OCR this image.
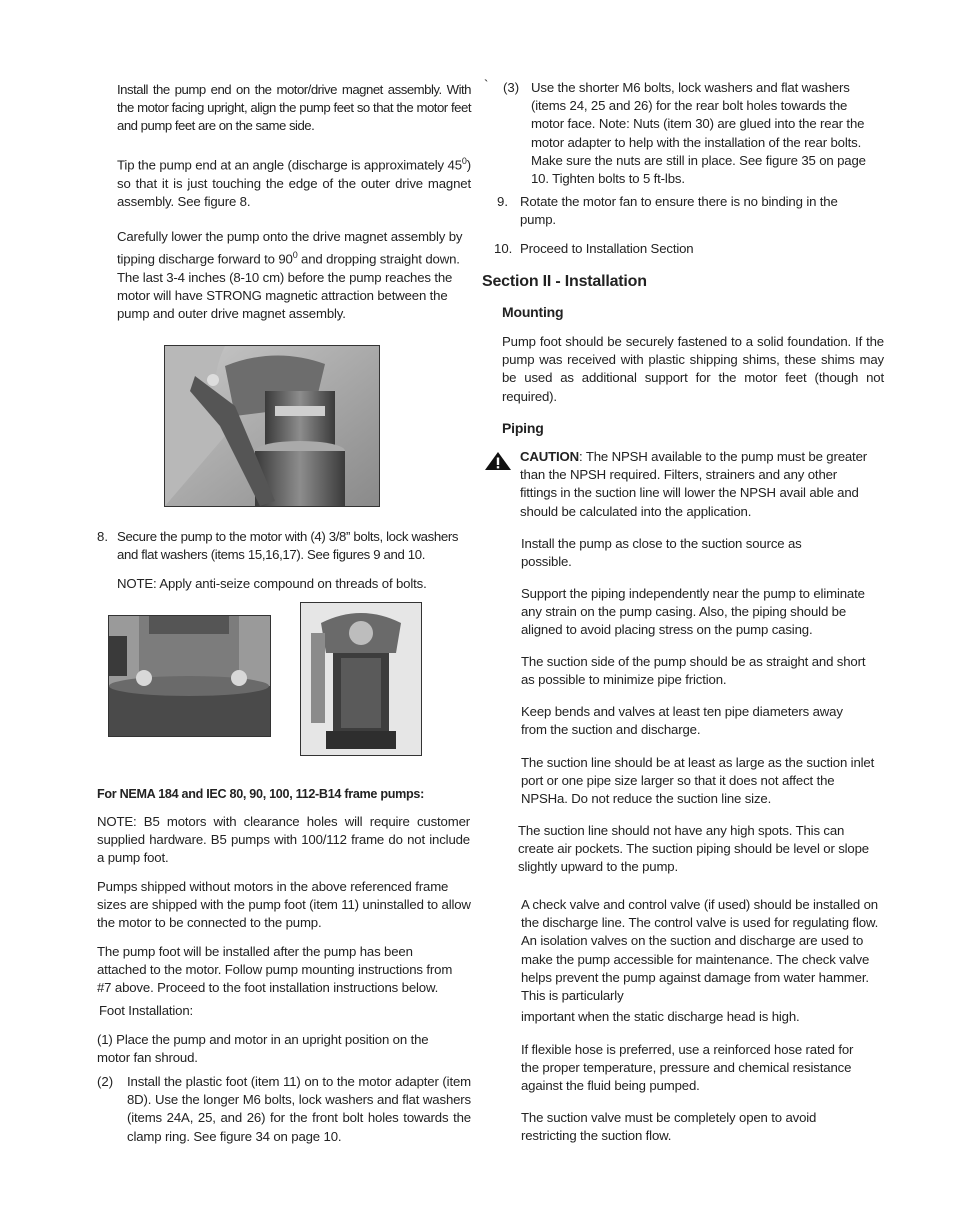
Install the pump end on the motor/drive magnet assembly. With the motor facing upright, align the pump feet so that the motor feet and pump feet are on the same side.

Tip the pump end at an angle (discharge is approximately $45^0$) so that it is just touching the edge of the outer drive magnet assembly. See figure 8.

Carefully lower the pump onto the drive magnet assembly by tipping discharge forward to $90^0$ and dropping straight down. The last 3-4 inches (8-10 cm) before the pump reaches the motor will have STRONG magnetic attraction between the pump and outer drive magnet assembly.

8. Secure the pump to the motor with (4) 3/8” bolts, lock washers and flat washers (items 15,16,17). See figures 9 and 10.

NOTE: Apply anti-seize compound on threads of bolts.

For NEMA 184 and IEC 80, 90, 100, 112-B14 frame pumps:

NOTE: B5 motors with clearance holes will require customer supplied hardware. B5 pumps with 100/112 frame do not include a pump foot.

Pumps shipped without motors in the above referenced frame sizes are shipped with the pump foot (item 11) uninstalled to allow the motor to be connected to the pump.

The pump foot will be installed after the pump has been attached to the motor. Follow pump mounting instructions from #7 above. Proceed to the foot installation instructions below.

Foot Installation:

(1) Place the pump and motor in an upright position on the motor fan shroud.

(2) Install the plastic foot (item 11) on to the motor adapter (item 8D). Use the longer M6 bolts, lock washers and flat washers (items 24A, 25, and 26) for the front bolt holes towards the clamp ring. See figure 34 on page 10.

` (3) Use the shorter M6 bolts, lock washers and flat washers (items 24, 25 and 26) for the rear bolt holes towards the motor face. Note: Nuts (item 30) are glued into the rear the motor adapter to help with the installation of the rear bolts. Make sure the nuts are still in place. See figure 35 on page 10. Tighten bolts to 5 ft-lbs.

9. Rotate the motor fan to ensure there is no binding in the pump.

10. Proceed to Installation Section

Section II - Installation
Mounting

Pump foot should be securely fastened to a solid foundation. If the pump was received with plastic shipping shims, these shims may be used as additional support for the motor feet (though not required).

Piping

CAUTION: The NPSH available to the pump must be greater than the NPSH required. Filters, strainers and any other fittings in the suction line will lower the NPSH avail able and should be calculated into the application.

Install the pump as close to the suction source as possible.

Support the piping independently near the pump to eliminate any strain on the pump casing. Also, the piping should be aligned to avoid placing stress on the pump casing.

The suction side of the pump should be as straight and short as possible to minimize pipe friction.

Keep bends and valves at least ten pipe diameters away from the suction and discharge.

The suction line should be at least as large as the suction inlet port or one pipe size larger so that it does not affect the NPSHa. Do not reduce the suction line size.

The suction line should not have any high spots. This can create air pockets. The suction piping should be level or slope slightly upward to the pump.

A check valve and control valve (if used) should be installed on the discharge line. The control valve is used for regulating flow. An isolation valves on the suction and discharge are used to make the pump accessible for maintenance. The check valve helps prevent the pump against damage from water hammer. This is particularly

important when the static discharge head is high.

If flexible hose is preferred, use a reinforced hose rated for the proper temperature, pressure and chemical resistance against the fluid being pumped.

The suction valve must be completely open to avoid restricting the suction flow.
